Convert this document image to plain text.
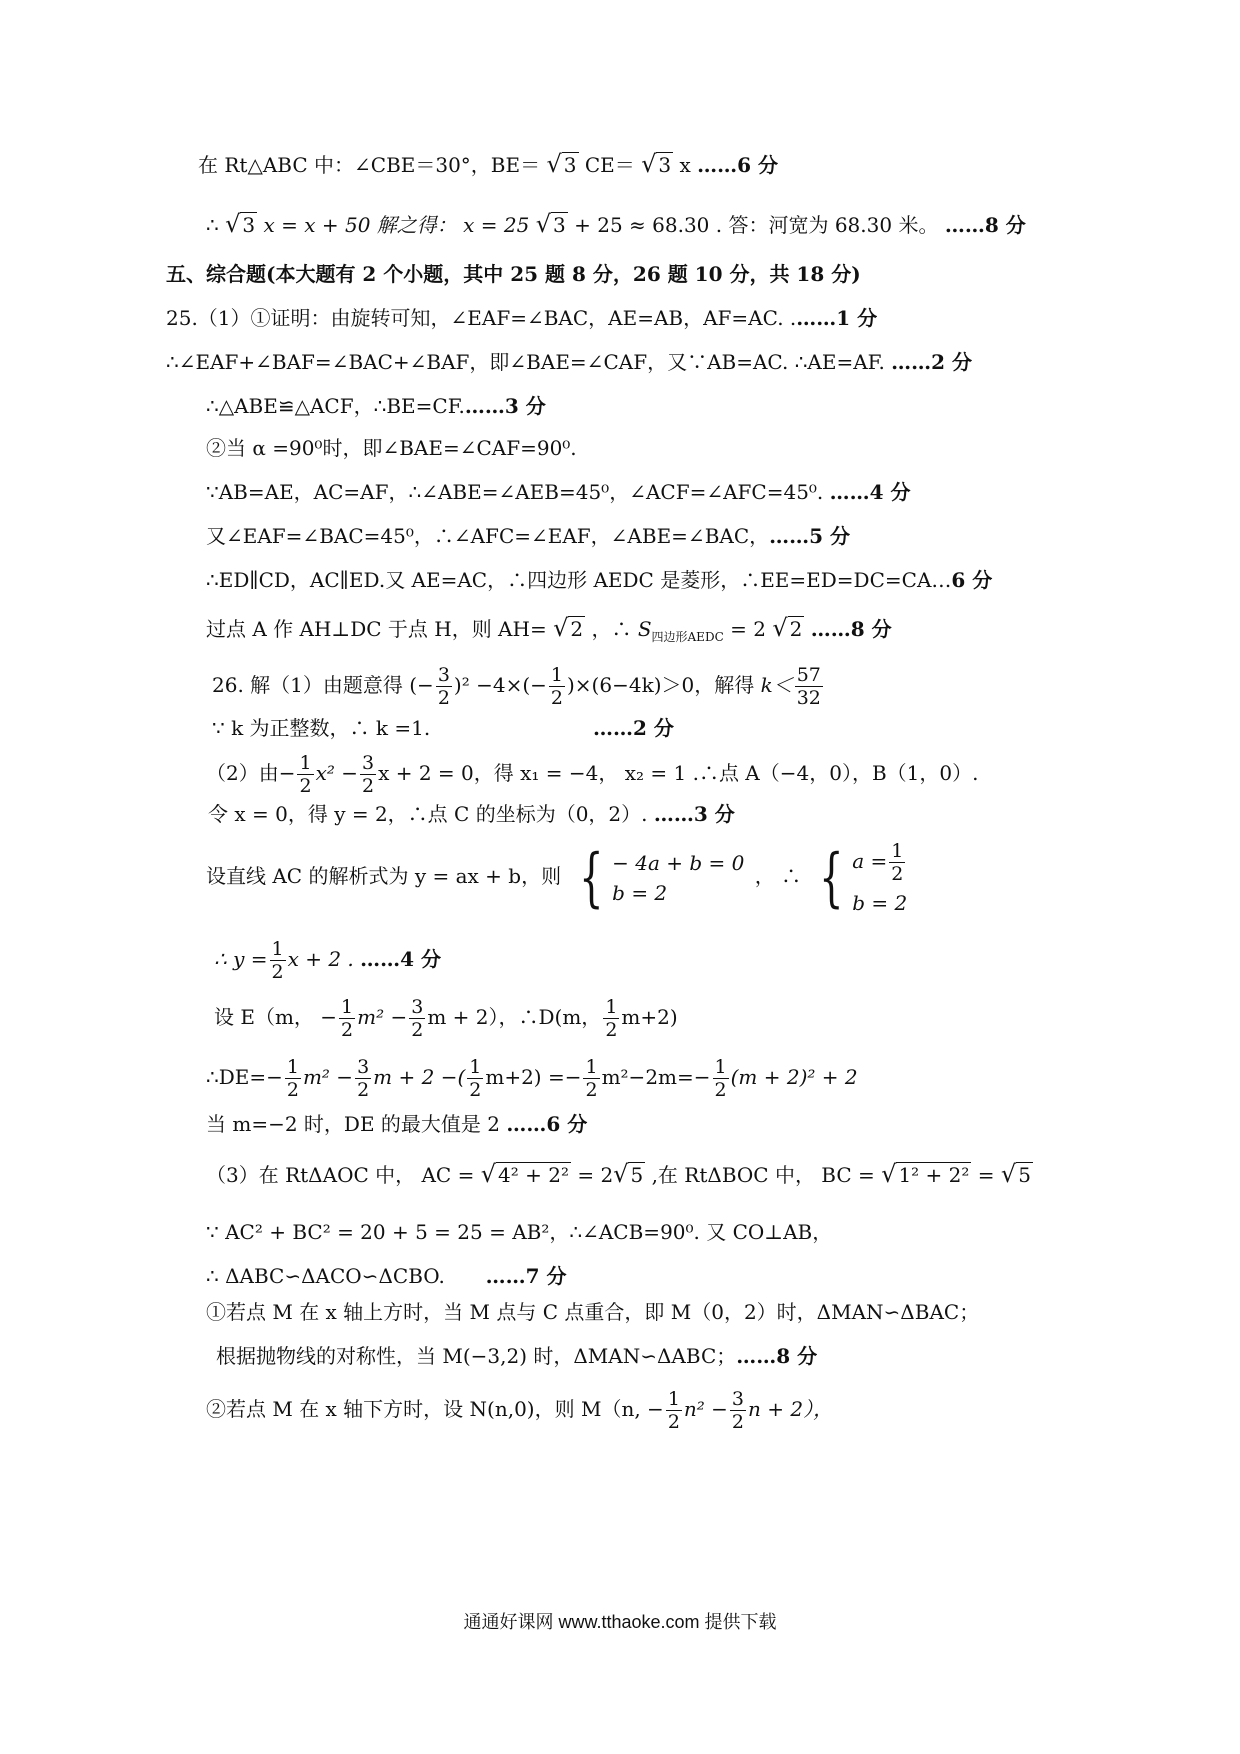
在 Rt△ABC 中：∠CBE＝30°，BE＝ √ 3 CE＝ √ 3 x ……6 分
∴ √ 3 x = x + 50 解之得： x = 25 √ 3 + 25 ≈ 68.30 . 答：河宽为 68.30 米。 ……8 分
五、综合题(本大题有 2 个小题，其中 25 题 8 分，26 题 10 分，共 18 分)
25.（1）①证明：由旋转可知，∠EAF=∠BAC，AE=AB，AF=AC. .……1 分
∴∠EAF+∠BAF=∠BAC+∠BAF，即∠BAE=∠CAF，又∵AB=AC. ∴AE=AF. ……2 分
∴△ABE≌△ACF，∴BE=CF.……3 分
②当 α =90⁰时，即∠BAE=∠CAF=90⁰.
∵AB=AE，AC=AF，∴∠ABE=∠AEB=45⁰，∠ACF=∠AFC=45⁰. ……4 分
又∠EAF=∠BAC=45⁰，∴∠AFC=∠EAF，∠ABE=∠BAC，……5 分
∴ED∥CD，AC∥ED.又 AE=AC，∴四边形 AEDC 是菱形，∴EE=ED=DC=CA…6 分
过点 A 作 AH⊥DC 于点 H，则 AH= √ 2 ，∴ $S_{四边形AEDC} = 2$ √ 2 ……8 分
26. 解（1）由题意得 (− $\frac{3}{2} )^2 -4\times(- \frac{1}{2} )\times(6-4k)>0$，解得 $k< \frac{57}{32}$
∵ k 为正整数，∴ k =1.	……2 分
（2）由− $\frac{1}{2} x^2 - \frac{3}{2}$ x + 2 = 0，得 x₁ = −4， x₂ = 1 .∴点 A（−4，0），B（1，0）.
令 x = 0，得 y = 2，∴点 C 的坐标为（0，2）. ……3 分
设直线 AC 的解析式为 y = ax + b，则 { − 4a + b = 0
b = 2
， ∴ { $a = \frac{1}{2}$
b = 2
∴ $y = \frac{1}{2}$ x + 2 . ……4 分
设 E（m， − $\frac{1}{2} m^2 - \frac{3}{2}$ m + 2），∴D(m， $\frac{1}{2} m+2$)
∴DE=− $\frac{1}{2} m^2 - \frac{3}{2}$ m + 2 −( $\frac{1}{2} m+2) =- \frac{1}{2} m^2-2m=- \frac{1}{2} (m + 2)^2 + 2$
当 m=−2 时，DE 的最大值是 2 ……6 分
（3）在 RtΔAOC 中， AC = √ 4² + 2² = 2√ 5 ,在 RtΔBOC 中， BC = √ 1² + 2² = √ 5
∵ AC² + BC² = 20 + 5 = 25 = AB²，∴∠ACB=90⁰. 又 CO⊥AB，
∴ ΔABC∽ΔACO∽ΔCBO. ……7 分
①若点 M 在 x 轴上方时，当 M 点与 C 点重合，即 M（0，2）时，ΔMAN∽ΔBAC；
根据抛物线的对称性，当 M(−3,2) 时，ΔMAN∽ΔABC；……8 分
②若点 M 在 x 轴下方时，设 N(n,0)，则 M（n, − $\frac{1}{2} n^2 - \frac{3}{2}$ n + 2），
通通好课网 www.tthaoke.com 提供下载
